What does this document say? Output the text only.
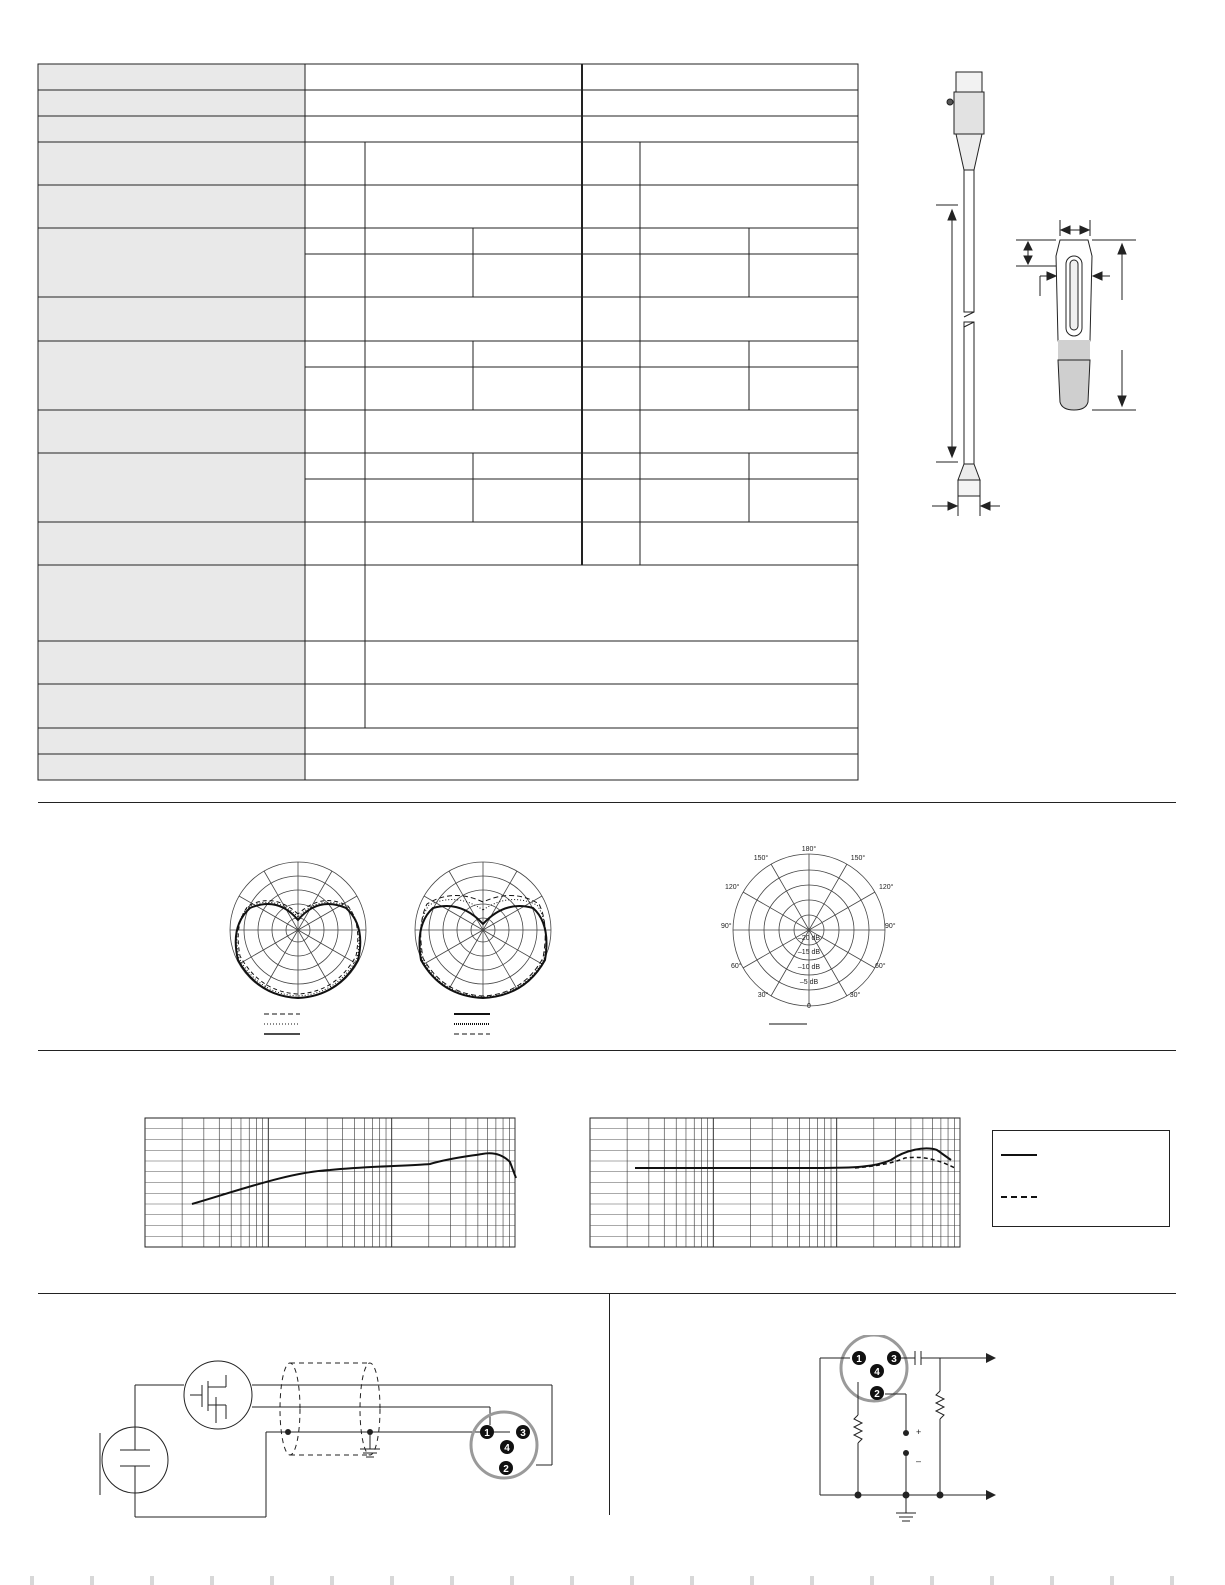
180°
150°	150°
120°	120°
90°	90°
60°	60°
30°	30°
0
–20 dB
–15 dB
–10 dB
–5 dB
1	3
4
2
1	3
4
2
+
–
